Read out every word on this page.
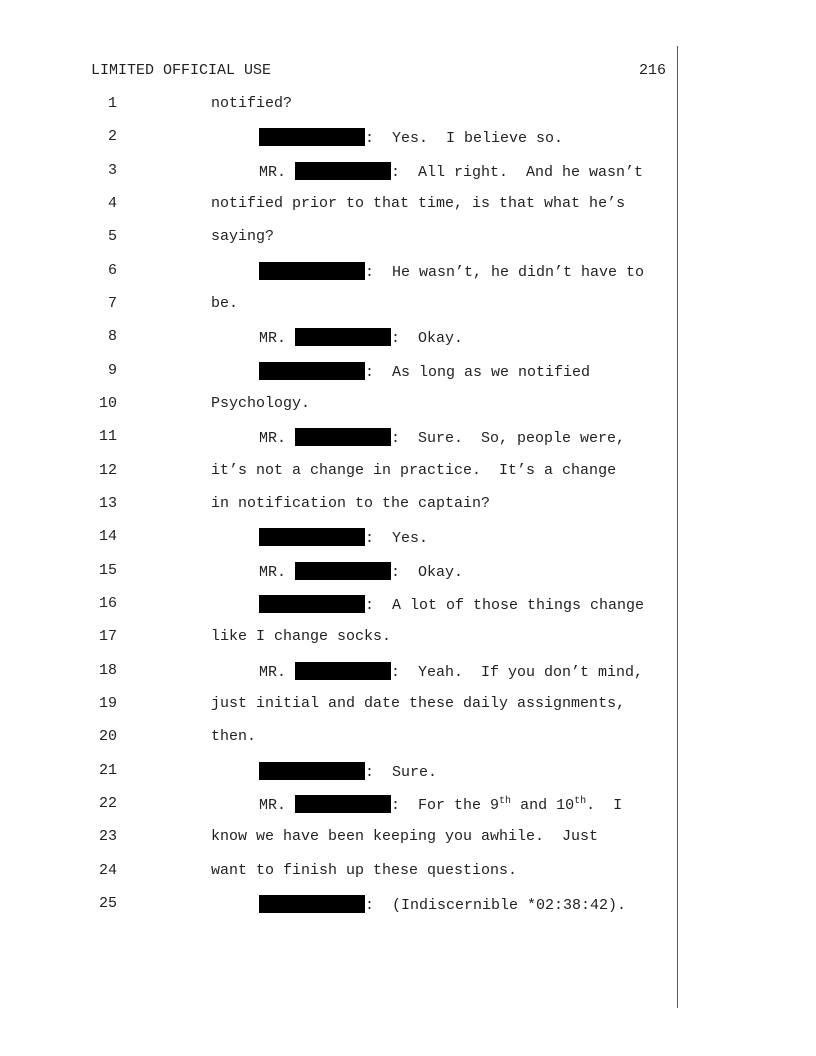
LIMITED OFFICIAL USE	216
1	notified?
2	:  Yes.  I believe so.
3	MR.	:  All right.  And he wasn’t
4	notified prior to that time, is that what he’s
5	saying?
6	:  He wasn’t, he didn’t have to
7	be.
8	MR.	:  Okay.
9	:  As long as we notified
10	Psychology.
11	MR.	:  Sure.  So, people were,
12	it’s not a change in practice.  It’s a change
13	in notification to the captain?
14	:  Yes.
15	MR.	:  Okay.
16	:  A lot of those things change
17	like I change socks.
18	MR.	:  Yeah.  If you don’t mind,
19	just initial and date these daily assignments,
20	then.
21	:  Sure.
22	MR.	:  For the 9th and 10th.  I
23	know we have been keeping you awhile.  Just
24	want to finish up these questions.
25	:  (Indiscernible *02:38:42).
